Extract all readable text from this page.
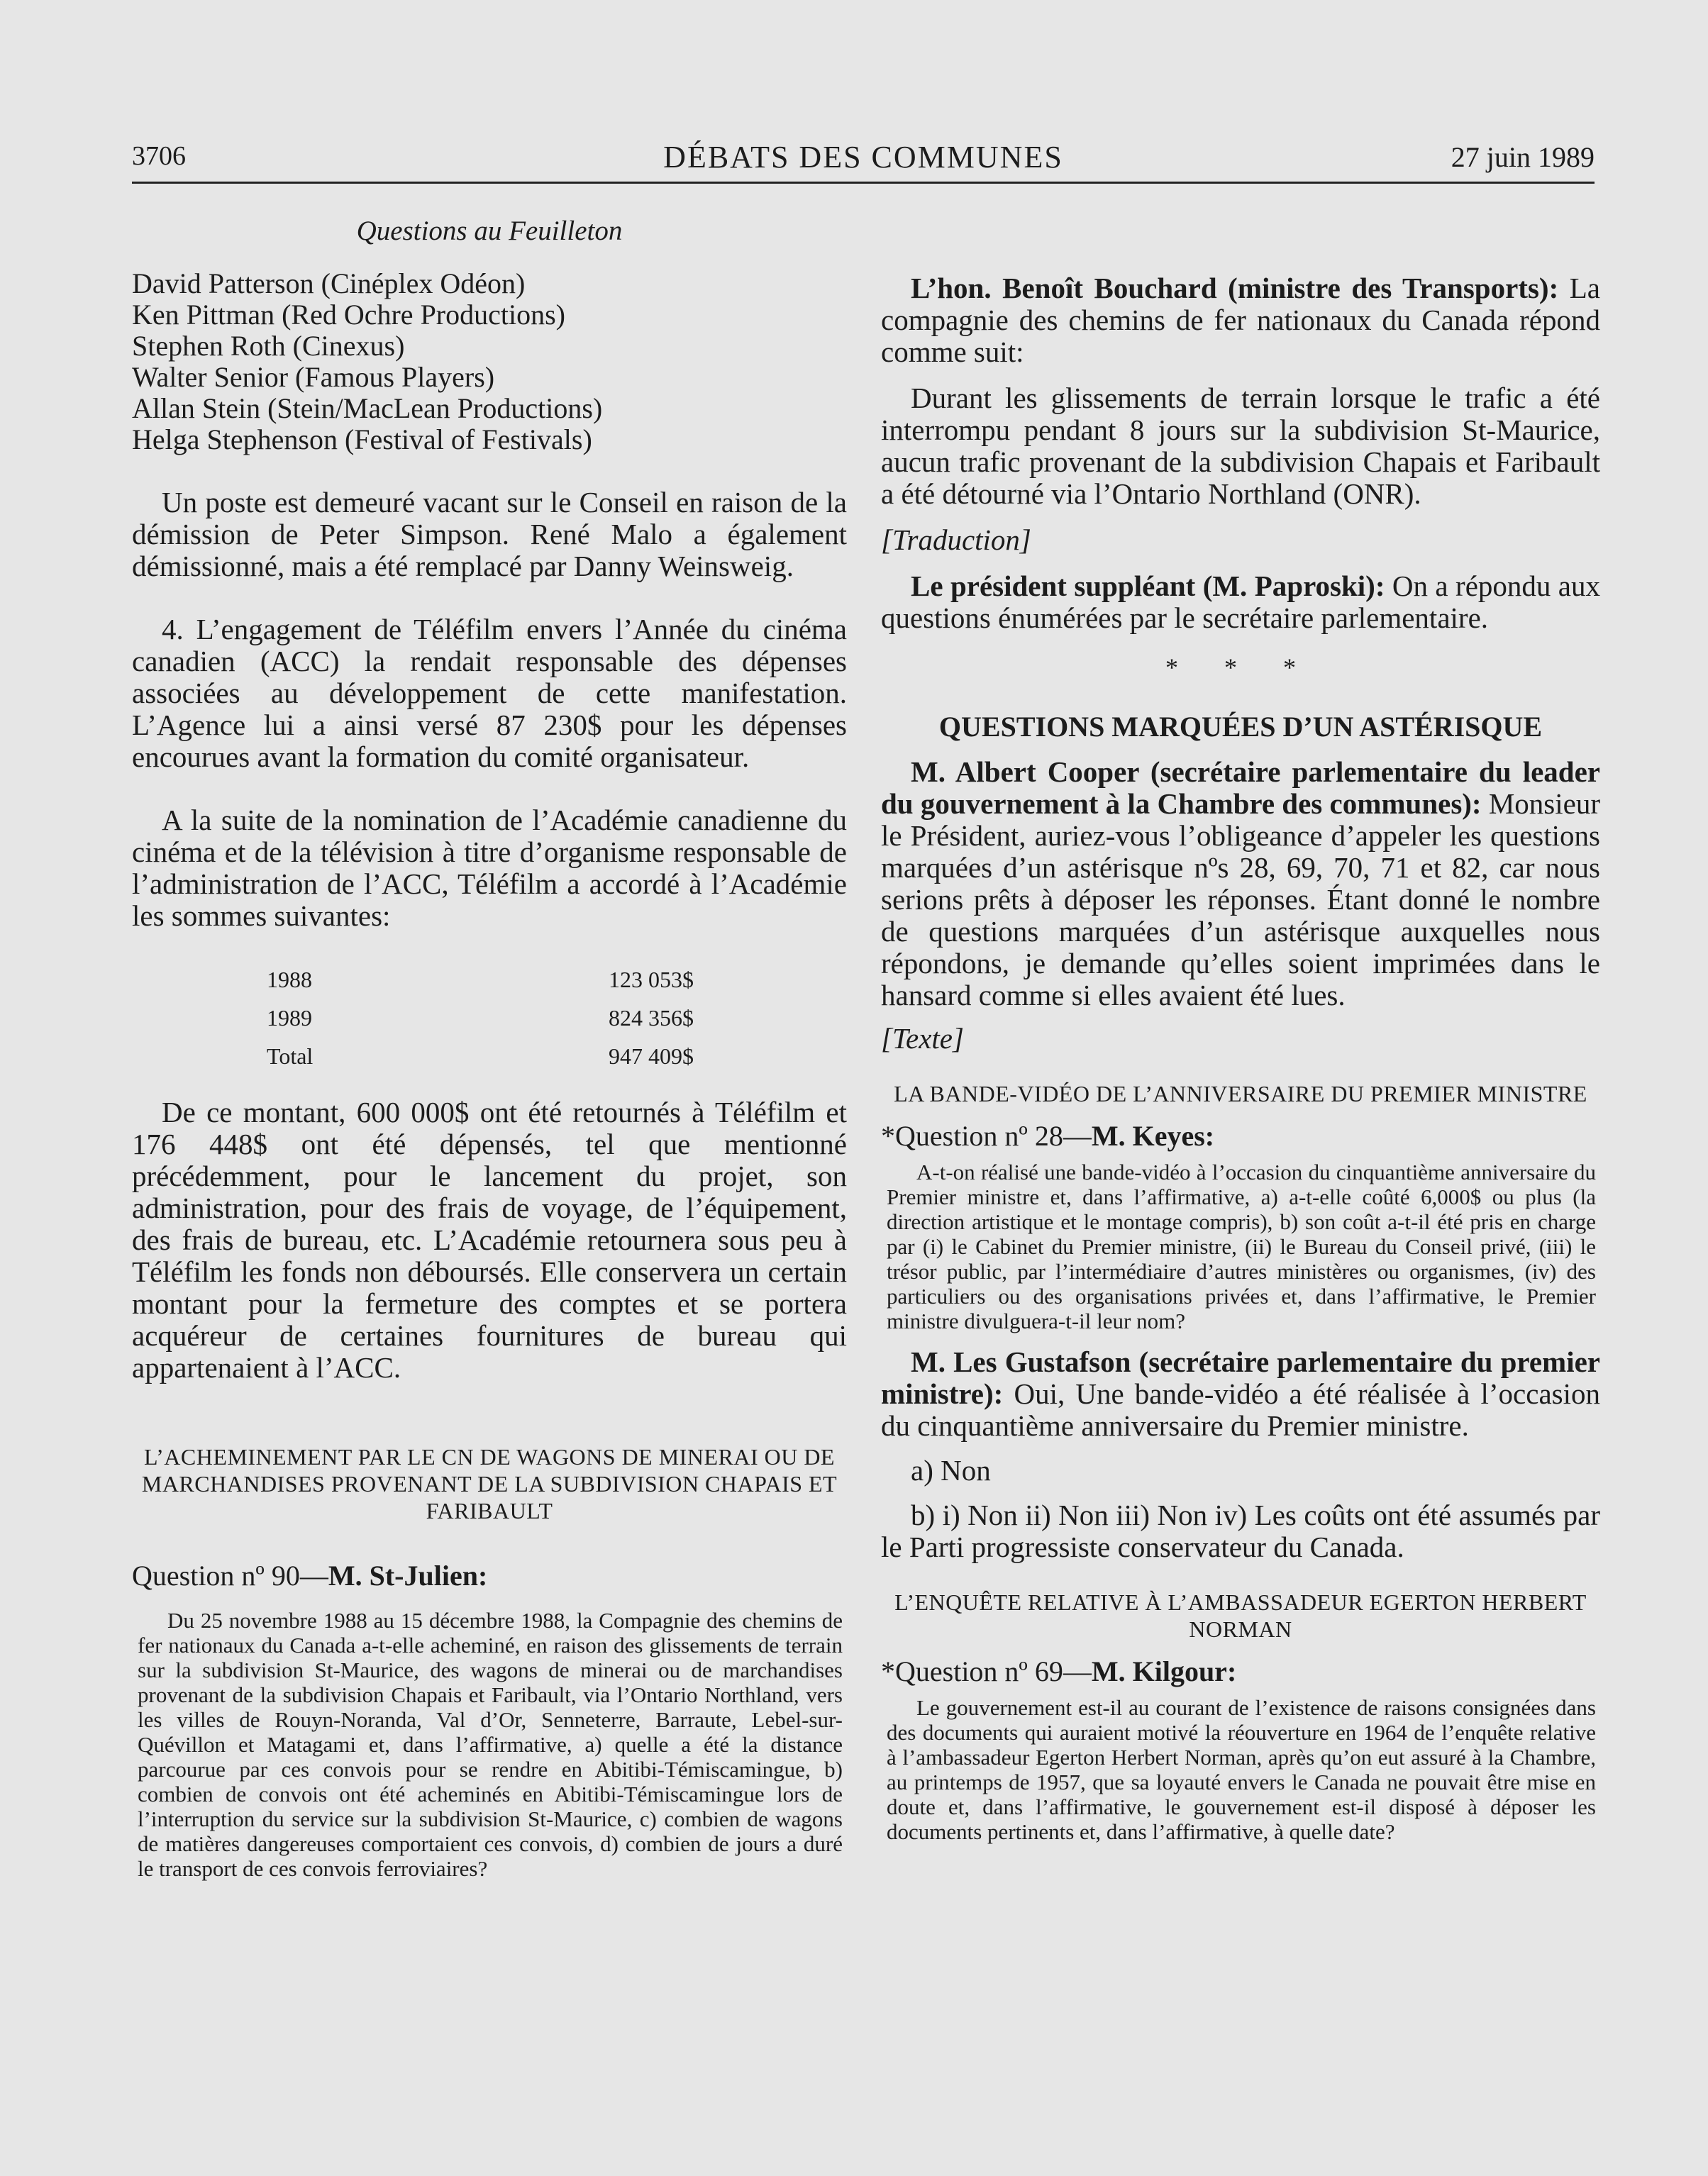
3706	DÉBATS DES COMMUNES	27 juin 1989

Questions au Feuilleton

David Patterson (Cinéplex Odéon)

Ken Pittman (Red Ochre Productions)

Stephen Roth (Cinexus)

Walter Senior (Famous Players)

Allan Stein (Stein/MacLean Productions)

Helga Stephenson (Festival of Festivals)

Un poste est demeuré vacant sur le Conseil en raison de la démission de Peter Simpson. René Malo a également démissionné, mais a été remplacé par Danny Weinsweig.

4. L’engagement de Téléfilm envers l’Année du cinéma canadien (ACC) la rendait responsable des dépenses associées au développement de cette manifestation. L’Agence lui a ainsi versé 87 230$ pour les dépenses encourues avant la formation du comité organisateur.

A la suite de la nomination de l’Académie canadienne du cinéma et de la télévision à titre d’organisme responsable de l’administration de l’ACC, Téléfilm a accordé à l’Académie les sommes suivantes:

1988	123 053$
1989	824 356$
Total	947 409$

De ce montant, 600 000$ ont été retournés à Téléfilm et 176 448$ ont été dépensés, tel que mentionné précédemment, pour le lancement du projet, son administration, pour des frais de voyage, de l’équipement, des frais de bureau, etc. L’Académie retournera sous peu à Téléfilm les fonds non déboursés. Elle conservera un certain montant pour la fermeture des comptes et se portera acquéreur de certaines fournitures de bureau qui appartenaient à l’ACC.

L’ACHEMINEMENT PAR LE CN DE WAGONS DE MINERAI OU DE MARCHANDISES PROVENANT DE LA SUBDIVISION CHAPAIS ET FARIBAULT

Question nº 90—M. St-Julien:

Du 25 novembre 1988 au 15 décembre 1988, la Compagnie des chemins de fer nationaux du Canada a-t-elle acheminé, en raison des glissements de terrain sur la subdivision St-Maurice, des wagons de minerai ou de marchandises provenant de la subdivision Chapais et Faribault, via l’Ontario Northland, vers les villes de Rouyn-Noranda, Val d’Or, Senneterre, Barraute, Lebel-sur-Quévillon et Matagami et, dans l’affirmative, a) quelle a été la distance parcourue par ces convois pour se rendre en Abitibi-Témiscamingue, b) combien de convois ont été acheminés en Abitibi-Témiscamingue lors de l’interruption du service sur la subdivision St-Maurice, c) combien de wagons de matières dangereuses comportaient ces convois, d) combien de jours a duré le transport de ces convois ferroviaires?

L’hon. Benoît Bouchard (ministre des Transports): La compagnie des chemins de fer nationaux du Canada répond comme suit:

Durant les glissements de terrain lorsque le trafic a été interrompu pendant 8 jours sur la subdivision St-Maurice, aucun trafic provenant de la subdivision Chapais et Faribault a été détourné via l’Ontario Northland (ONR).

[Traduction]

Le président suppléant (M. Paproski): On a répondu aux questions énumérées par le secrétaire parlementaire.

* * *

QUESTIONS MARQUÉES D’UN ASTÉRISQUE

M. Albert Cooper (secrétaire parlementaire du leader du gouvernement à la Chambre des communes): Monsieur le Président, auriez-vous l’obligeance d’appeler les questions marquées d’un astérisque nºs 28, 69, 70, 71 et 82, car nous serions prêts à déposer les réponses. Étant donné le nombre de questions marquées d’un astérisque auxquelles nous répondons, je demande qu’elles soient imprimées dans le hansard comme si elles avaient été lues.

[Texte]

LA BANDE-VIDÉO DE L’ANNIVERSAIRE DU PREMIER MINISTRE

*Question nº 28—M. Keyes:

A-t-on réalisé une bande-vidéo à l’occasion du cinquantième anniversaire du Premier ministre et, dans l’affirmative, a) a-t-elle coûté 6,000$ ou plus (la direction artistique et le montage compris), b) son coût a-t-il été pris en charge par (i) le Cabinet du Premier ministre, (ii) le Bureau du Conseil privé, (iii) le trésor public, par l’intermédiaire d’autres ministères ou organismes, (iv) des particuliers ou des organisations privées et, dans l’affirmative, le Premier ministre divulguera-t-il leur nom?

M. Les Gustafson (secrétaire parlementaire du premier ministre): Oui, Une bande-vidéo a été réalisée à l’occasion du cinquantième anniversaire du Premier ministre.

a) Non

b) i) Non ii) Non iii) Non iv) Les coûts ont été assumés par le Parti progressiste conservateur du Canada.

L’ENQUÊTE RELATIVE À L’AMBASSADEUR EGERTON HERBERT NORMAN

*Question nº 69—M. Kilgour:

Le gouvernement est-il au courant de l’existence de raisons consignées dans des documents qui auraient motivé la réouverture en 1964 de l’enquête relative à l’ambassadeur Egerton Herbert Norman, après qu’on eut assuré à la Chambre, au printemps de 1957, que sa loyauté envers le Canada ne pouvait être mise en doute et, dans l’affirmative, le gouvernement est-il disposé à déposer les documents pertinents et, dans l’affirmative, à quelle date?
